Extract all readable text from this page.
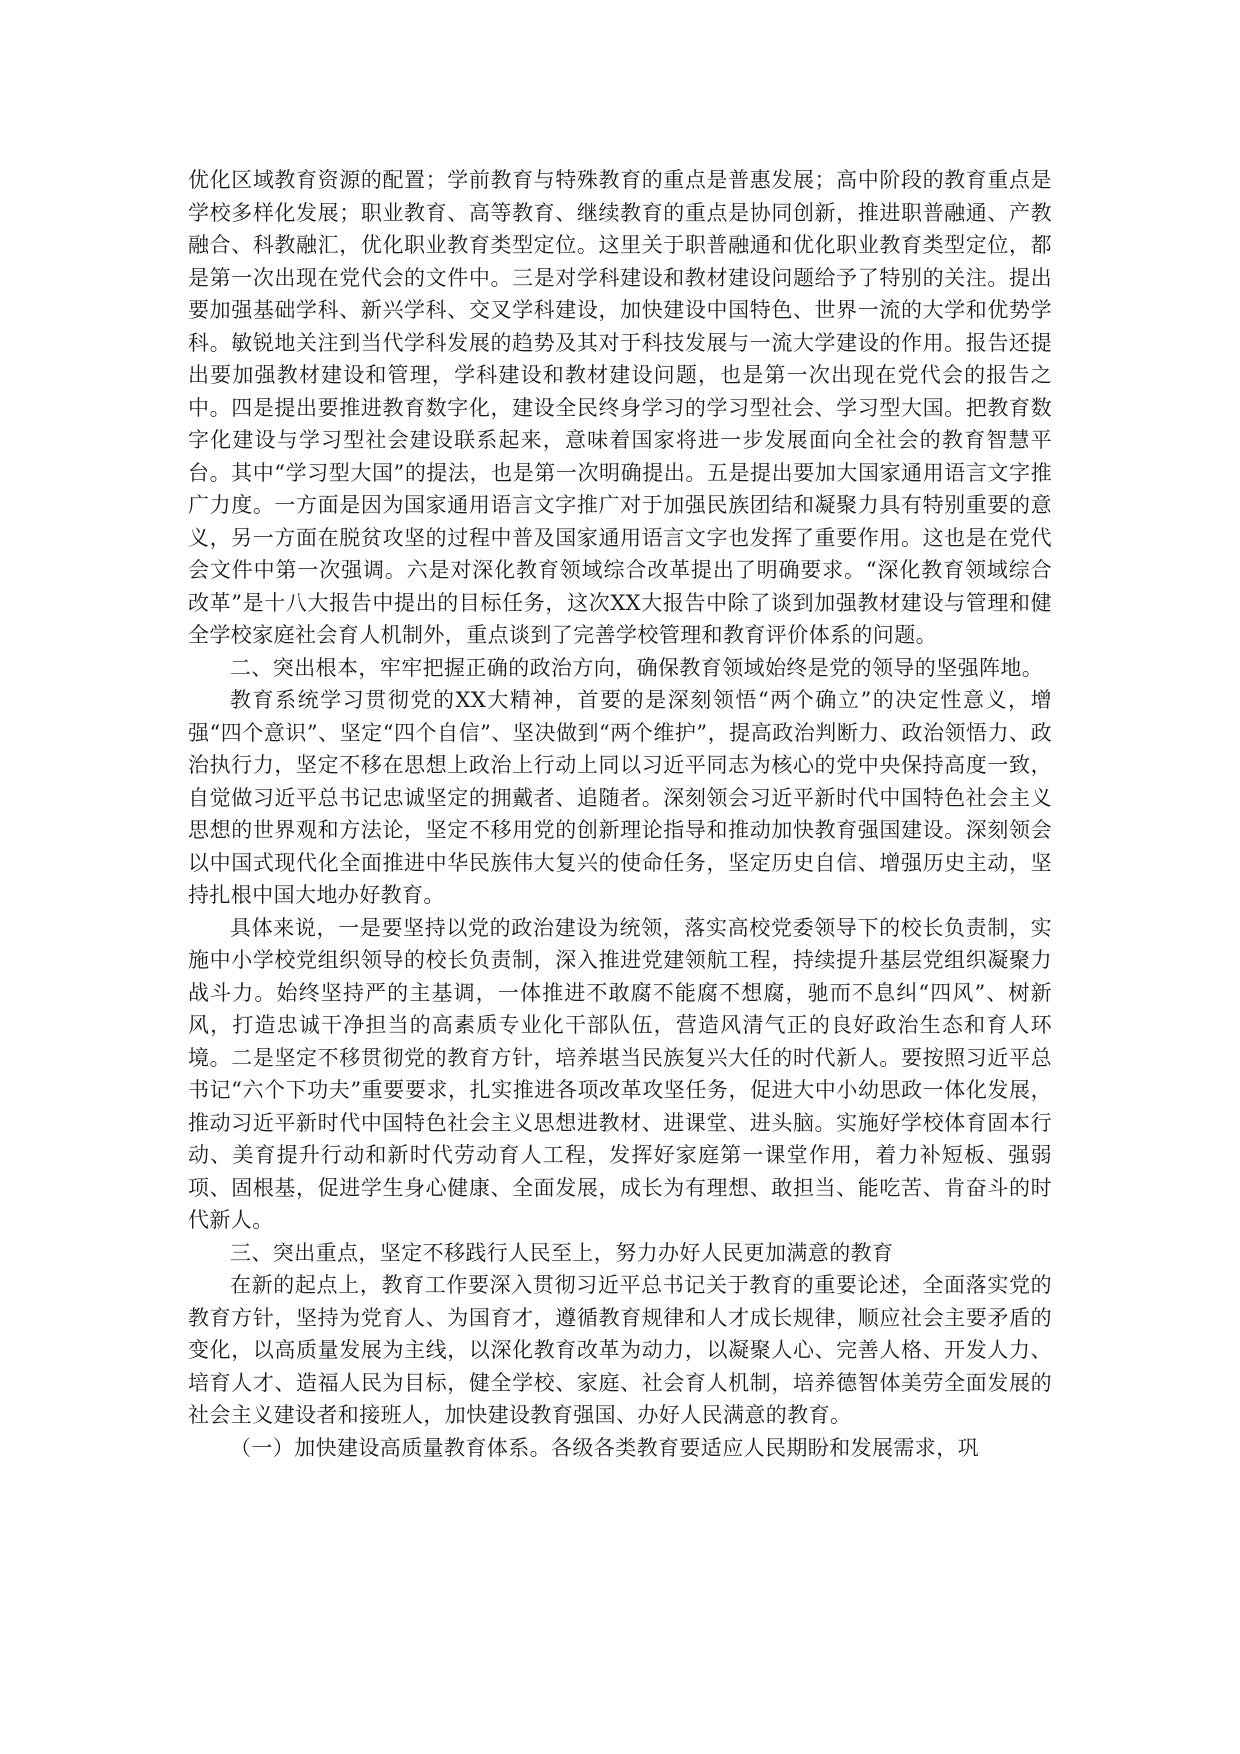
优化区域教育资源的配置；学前教育与特殊教育的重点是普惠发展；高中阶段的教育重点是学校多样化发展；职业教育、高等教育、继续教育的重点是协同创新，推进职普融通、产教融合、科教融汇，优化职业教育类型定位。这里关于职普融通和优化职业教育类型定位，都是第一次出现在党代会的文件中。三是对学科建设和教材建设问题给予了特别的关注。提出要加强基础学科、新兴学科、交叉学科建设，加快建设中国特色、世界一流的大学和优势学科。敏锐地关注到当代学科发展的趋势及其对于科技发展与一流大学建设的作用。报告还提出要加强教材建设和管理，学科建设和教材建设问题，也是第一次出现在党代会的报告之中。四是提出要推进教育数字化，建设全民终身学习的学习型社会、学习型大国。把教育数字化建设与学习型社会建设联系起来，意味着国家将进一步发展面向全社会的教育智慧平台。其中“学习型大国”的提法，也是第一次明确提出。五是提出要加大国家通用语言文字推广力度。一方面是因为国家通用语言文字推广对于加强民族团结和凝聚力具有特别重要的意义，另一方面在脱贫攻坚的过程中普及国家通用语言文字也发挥了重要作用。这也是在党代会文件中第一次强调。六是对深化教育领域综合改革提出了明确要求。“深化教育领域综合改革”是十八大报告中提出的目标任务，这次XX大报告中除了谈到加强教材建设与管理和健全学校家庭社会育人机制外，重点谈到了完善学校管理和教育评价体系的问题。

二、突出根本，牢牢把握正确的政治方向，确保教育领域始终是党的领导的坚强阵地。

教育系统学习贯彻党的XX大精神，首要的是深刻领悟“两个确立”的决定性意义，增强“四个意识”、坚定“四个自信”、坚决做到“两个维护”，提高政治判断力、政治领悟力、政治执行力，坚定不移在思想上政治上行动上同以习近平同志为核心的党中央保持高度一致，自觉做习近平总书记忠诚坚定的拥戴者、追随者。深刻领会习近平新时代中国特色社会主义思想的世界观和方法论，坚定不移用党的创新理论指导和推动加快教育强国建设。深刻领会以中国式现代化全面推进中华民族伟大复兴的使命任务，坚定历史自信、增强历史主动，坚持扎根中国大地办好教育。

具体来说，一是要坚持以党的政治建设为统领，落实高校党委领导下的校长负责制，实施中小学校党组织领导的校长负责制，深入推进党建领航工程，持续提升基层党组织凝聚力战斗力。始终坚持严的主基调，一体推进不敢腐不能腐不想腐，驰而不息纠“四风”、树新风，打造忠诚干净担当的高素质专业化干部队伍，营造风清气正的良好政治生态和育人环境。二是坚定不移贯彻党的教育方针，培养堪当民族复兴大任的时代新人。要按照习近平总书记“六个下功夫”重要要求，扎实推进各项改革攻坚任务，促进大中小幼思政一体化发展，推动习近平新时代中国特色社会主义思想进教材、进课堂、进头脑。实施好学校体育固本行动、美育提升行动和新时代劳动育人工程，发挥好家庭第一课堂作用，着力补短板、强弱项、固根基，促进学生身心健康、全面发展，成长为有理想、敢担当、能吃苦、肯奋斗的时代新人。

三、突出重点，坚定不移践行人民至上，努力办好人民更加满意的教育

在新的起点上，教育工作要深入贯彻习近平总书记关于教育的重要论述，全面落实党的教育方针，坚持为党育人、为国育才，遵循教育规律和人才成长规律，顺应社会主要矛盾的变化，以高质量发展为主线，以深化教育改革为动力，以凝聚人心、完善人格、开发人力、培育人才、造福人民为目标，健全学校、家庭、社会育人机制，培养德智体美劳全面发展的社会主义建设者和接班人，加快建设教育强国、办好人民满意的教育。

（一）加快建设高质量教育体系。各级各类教育要适应人民期盼和发展需求，巩
